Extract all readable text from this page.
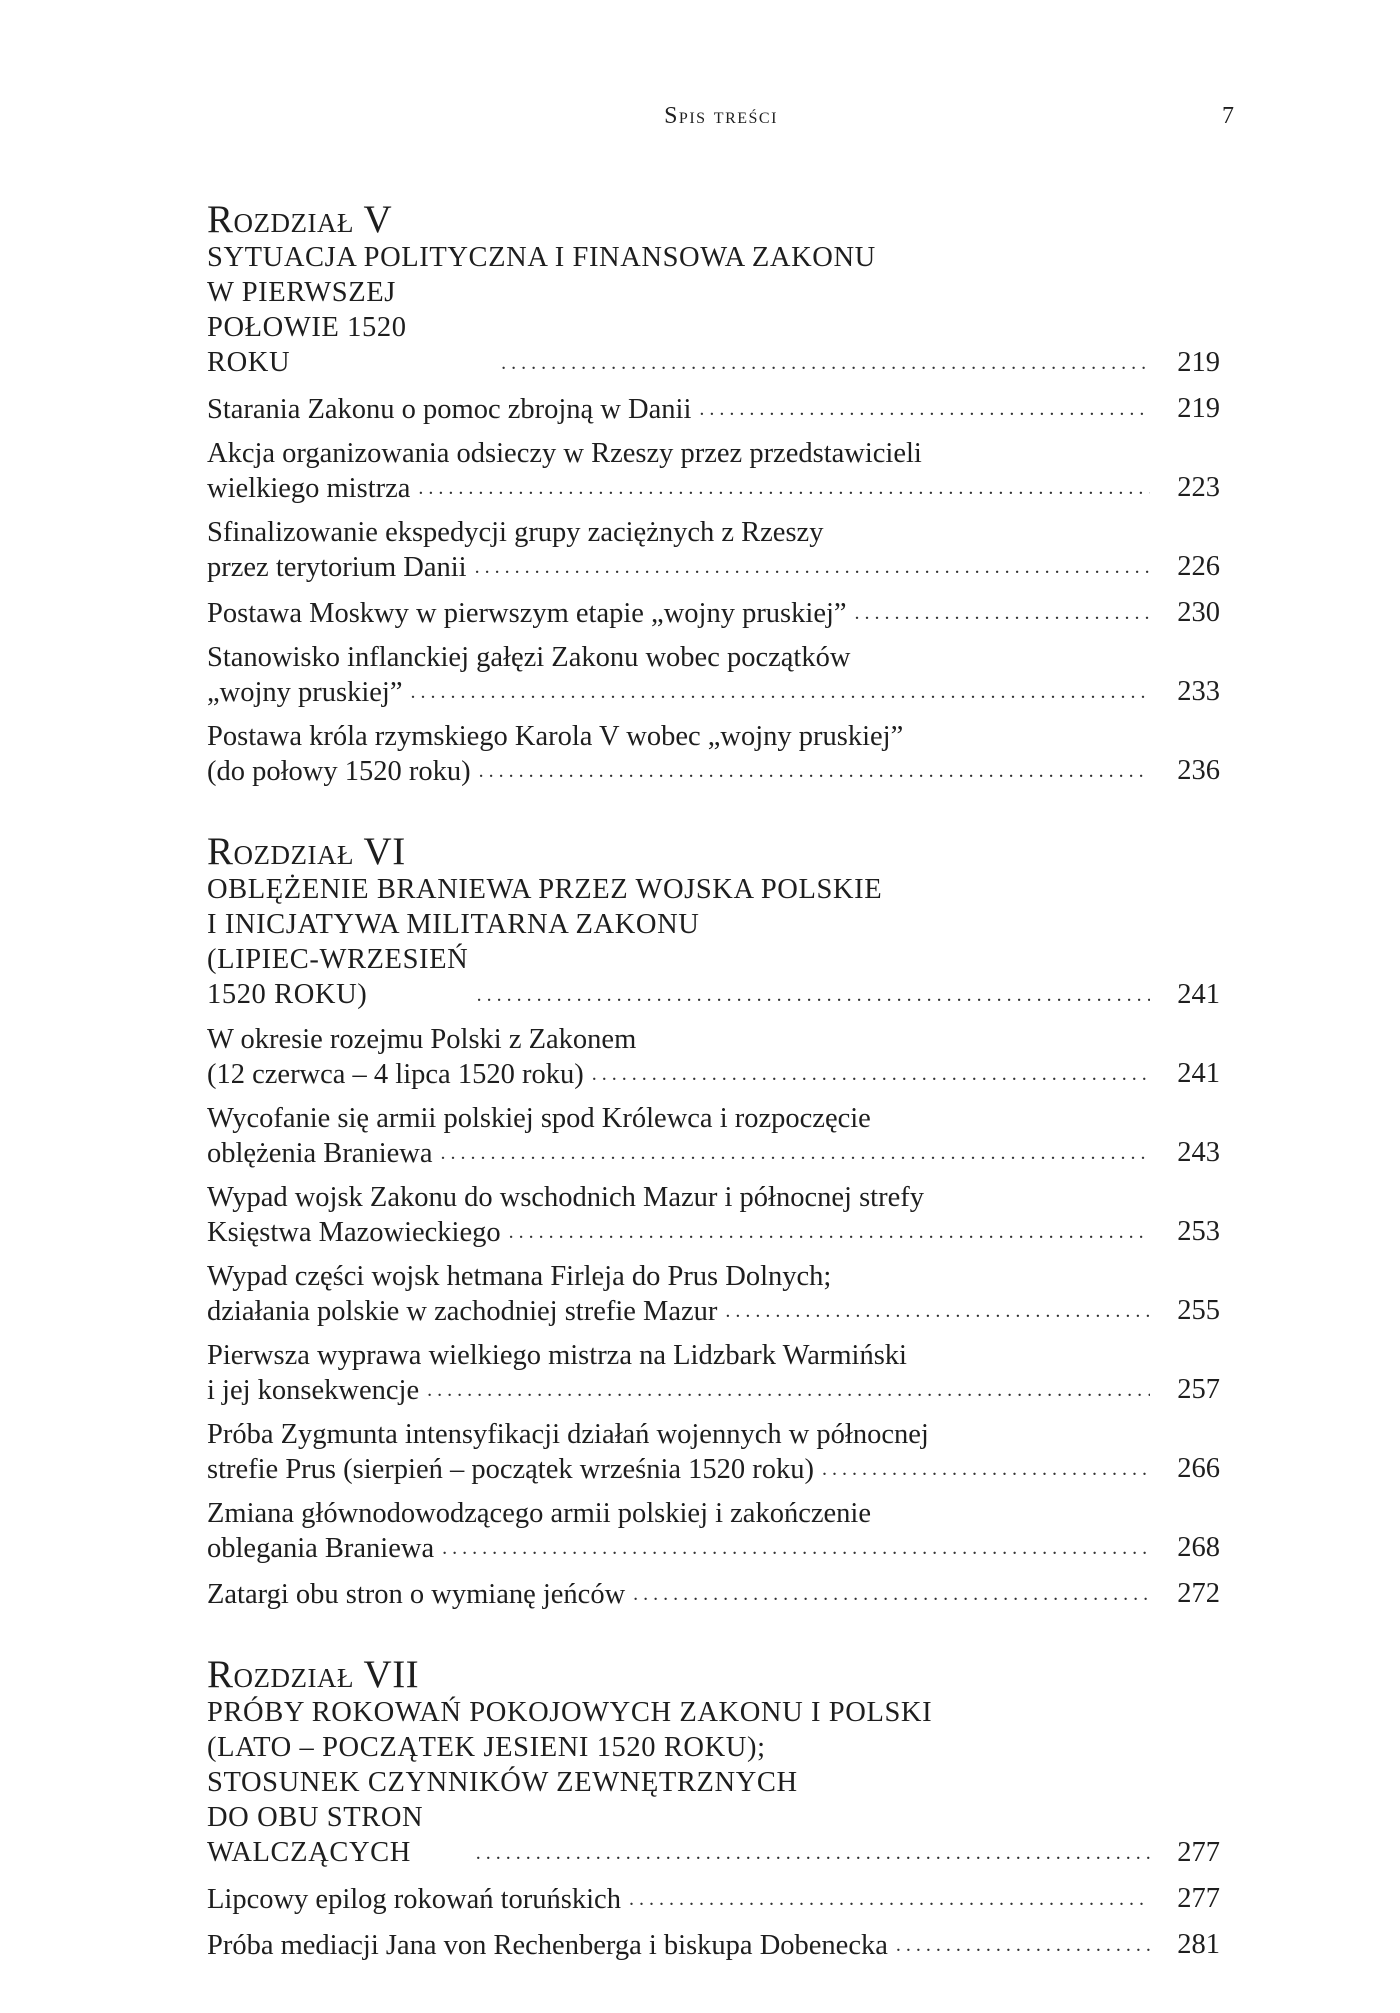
Spis treści	7
Rozdział V
SYTUACJA POLITYCZNA I FINANSOWA ZAKONU
W PIERWSZEJ POŁOWIE 1520 ROKU . . .	219
Starania Zakonu o pomoc zbrojną w Danii . . .	219
Akcja organizowania odsieczy w Rzeszy przez przedstawicieli
wielkiego mistrza . . .	223
Sfinalizowanie ekspedycji grupy zaciężnych z Rzeszy
przez terytorium Danii . . .	226
Postawa Moskwy w pierwszym etapie „wojny pruskiej” . . .	230
Stanowisko inflanckiej gałęzi Zakonu wobec początków
„wojny pruskiej” . . .	233
Postawa króla rzymskiego Karola V wobec „wojny pruskiej”
(do połowy 1520 roku) . . .	236
Rozdział VI
OBLĘŻENIE BRANIEWA PRZEZ WOJSKA POLSKIE
I INICJATYWA MILITARNA ZAKONU
(LIPIEC-WRZESIEŃ 1520 ROKU) . . .	241
W okresie rozejmu Polski z Zakonem
(12 czerwca – 4 lipca 1520 roku) . . .	241
Wycofanie się armii polskiej spod Królewca i rozpoczęcie
oblężenia Braniewa . . .	243
Wypad wojsk Zakonu do wschodnich Mazur i północnej strefy
Księstwa Mazowieckiego . . .	253
Wypad części wojsk hetmana Firleja do Prus Dolnych;
działania polskie w zachodniej strefie Mazur . . .	255
Pierwsza wyprawa wielkiego mistrza na Lidzbark Warmiński
i jej konsekwencje . . .	257
Próba Zygmunta intensyfikacji działań wojennych w północnej
strefie Prus (sierpień – początek września 1520 roku) . . .	266
Zmiana głównodowodzącego armii polskiej i zakończenie
oblegania Braniewa . . .	268
Zatargi obu stron o wymianę jeńców . . .	272
Rozdział VII
PRÓBY ROKOWAŃ POKOJOWYCH ZAKONU I POLSKI
(LATO – POCZĄTEK JESIENI 1520 ROKU);
STOSUNEK CZYNNIKÓW ZEWNĘTRZNYCH
DO OBU STRON WALCZĄCYCH . . .	277
Lipcowy epilog rokowań toruńskich . . .	277
Próba mediacji Jana von Rechenberga i biskupa Dobenecka . . .	281
